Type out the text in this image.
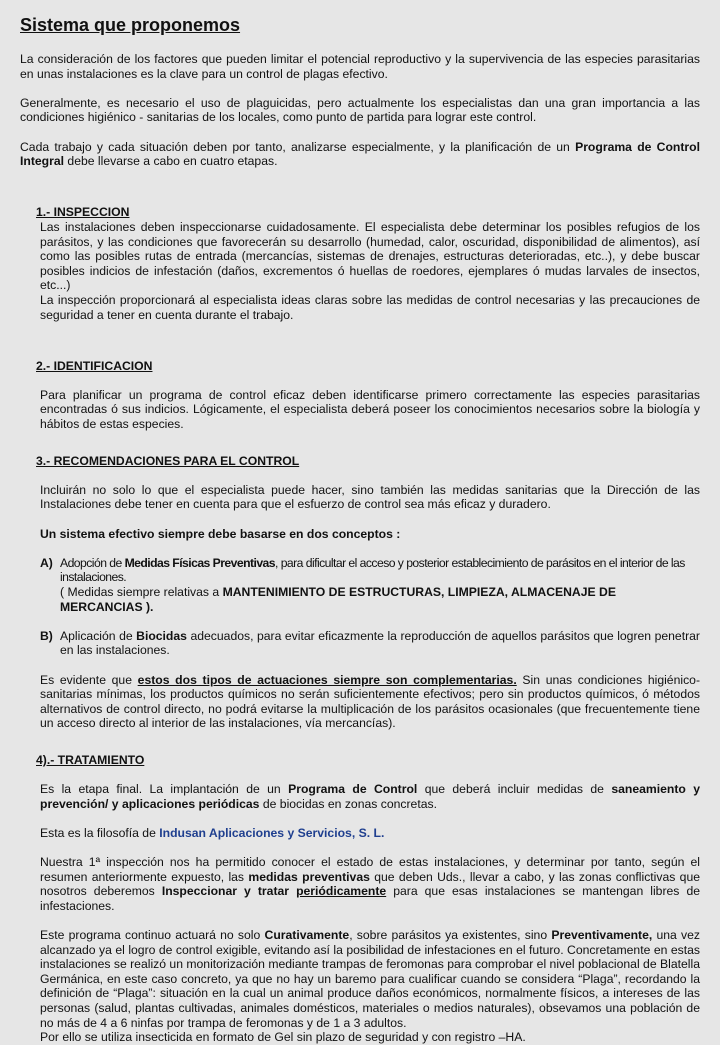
Sistema que proponemos

La consideración de los factores que pueden limitar el potencial reproductivo y la supervivencia de las especies parasitarias en unas instalaciones es la clave para un control de plagas efectivo.

Generalmente, es necesario el uso de plaguicidas, pero actualmente los especialistas dan una gran importancia a las condiciones higiénico - sanitarias de los locales, como punto de partida para lograr este control.

Cada trabajo y cada situación deben por tanto, analizarse especialmente, y la planificación de un Programa de Control Integral debe llevarse a cabo en cuatro etapas.

1.- INSPECCION

Las instalaciones deben inspeccionarse cuidadosamente. El especialista debe determinar los posibles refugios de los parásitos, y las condiciones que favorecerán su desarrollo (humedad, calor, oscuridad, disponibilidad de alimentos), así como las posibles rutas de entrada (mercancías, sistemas de drenajes, estructuras deterioradas, etc..), y debe buscar posibles indicios de infestación (daños, excrementos ó huellas de roedores, ejemplares ó mudas larvales de insectos, etc...)

La inspección proporcionará al especialista ideas claras sobre las medidas de control necesarias y las precauciones de seguridad a tener en cuenta durante el trabajo.

2.- IDENTIFICACION

Para planificar un programa de control eficaz deben identificarse primero correctamente las especies parasitarias encontradas ó sus indicios. Lógicamente, el especialista deberá poseer los conocimientos necesarios sobre la biología y hábitos de estas especies.

3.- RECOMENDACIONES PARA EL CONTROL

Incluirán no solo lo que el especialista puede hacer, sino también las medidas sanitarias que la Dirección de las Instalaciones debe tener en cuenta para que el esfuerzo de control sea más eficaz y duradero.

Un sistema efectivo siempre debe basarse en dos conceptos :

A) Adopción de Medidas Físicas Preventivas, para dificultar el acceso y posterior establecimiento de parásitos en el interior de las instalaciones.

( Medidas siempre relativas a MANTENIMIENTO DE ESTRUCTURAS, LIMPIEZA, ALMACENAJE DE MERCANCIAS ).

B) Aplicación de Biocidas adecuados, para evitar eficazmente la reproducción de aquellos parásitos que logren penetrar en las instalaciones.

Es evidente que estos dos tipos de actuaciones siempre son complementarias. Sin unas condiciones higiénico- sanitarias mínimas, los productos químicos no serán suficientemente efectivos; pero sin productos químicos, ó métodos alternativos de control directo, no podrá evitarse la multiplicación de los parásitos ocasionales (que frecuentemente tiene un acceso directo al interior de las instalaciones, vía mercancías).

4).- TRATAMIENTO

Es la etapa final. La implantación de un Programa de Control que deberá incluir medidas de saneamiento y prevención/ y aplicaciones periódicas de biocidas en zonas concretas.

Esta es la filosofía de Indusan Aplicaciones y Servicios, S. L.

Nuestra 1ª inspección nos ha permitido conocer el estado de estas instalaciones, y determinar por tanto, según el resumen anteriormente expuesto, las medidas preventivas que deben Uds., llevar a cabo, y las zonas conflictivas que nosotros deberemos Inspeccionar y tratar periódicamente para que esas instalaciones se mantengan libres de infestaciones.

Este programa continuo actuará no solo Curativamente, sobre parásitos ya existentes, sino Preventivamente, una vez alcanzado ya el logro de control exigible, evitando así la posibilidad de infestaciones en el futuro. Concretamente en estas instalaciones se realizó un monitorización mediante trampas de feromonas para comprobar el nivel poblacional de Blatella Germánica, en este caso concreto, ya que no hay un baremo para cualificar cuando se considera “Plaga”, recordando la definición de “Plaga”: situación en la cual un animal produce daños económicos, normalmente físicos, a intereses de las personas (salud, plantas cultivadas, animales domésticos, materiales o medios naturales), obsevamos una población de no más de 4 a 6 ninfas por trampa de feromonas y de 1 a 3 adultos.

Por ello se utiliza insecticida en formato de Gel sin plazo de seguridad y con registro –HA.
